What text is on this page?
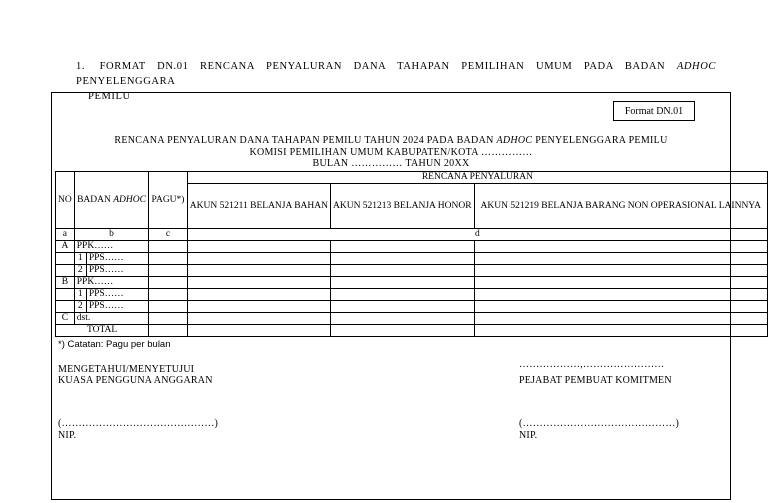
1. FORMAT DN.01 RENCANA PENYALURAN DANA TAHAPAN PEMILIHAN UMUM PADA BADAN ADHOC PENYELENGGARA
PEMILU
Format DN.01
RENCANA PENYALURAN DANA TAHAPAN PEMILU TAHUN 2024 PADA BADAN ADHOC PENYELENGGARA PEMILU
KOMISI PEMILIHAN UMUM KABUPATEN/KOTA ……………
BULAN …………… TAHUN 20XX
NO	BADAN ADHOC		PAGU*)	RENCANA PENYALURAN		
				AKUN 521211 BELANJA BAHAN	AKUN 521213 BELANJA HONOR	AKUN 521219 BELANJA BARANG NON OPERASIONAL LAINNYA
a	b		c	d		
A	PPK……					
	1	PPS……				
	2	PPS……				
B	PPK……					
	1	PPS……				
	2	PPS……				
C	dst.					
TOTAL						
*) Catatan: Pagu per bulan
MENGETAHUI/MENYETUJUI
KUASA PENGGUNA ANGGARAN
………………,……………………
PEJABAT PEMBUAT KOMITMEN
(………………………………………)
NIP.
(………………………………………)
NIP.
